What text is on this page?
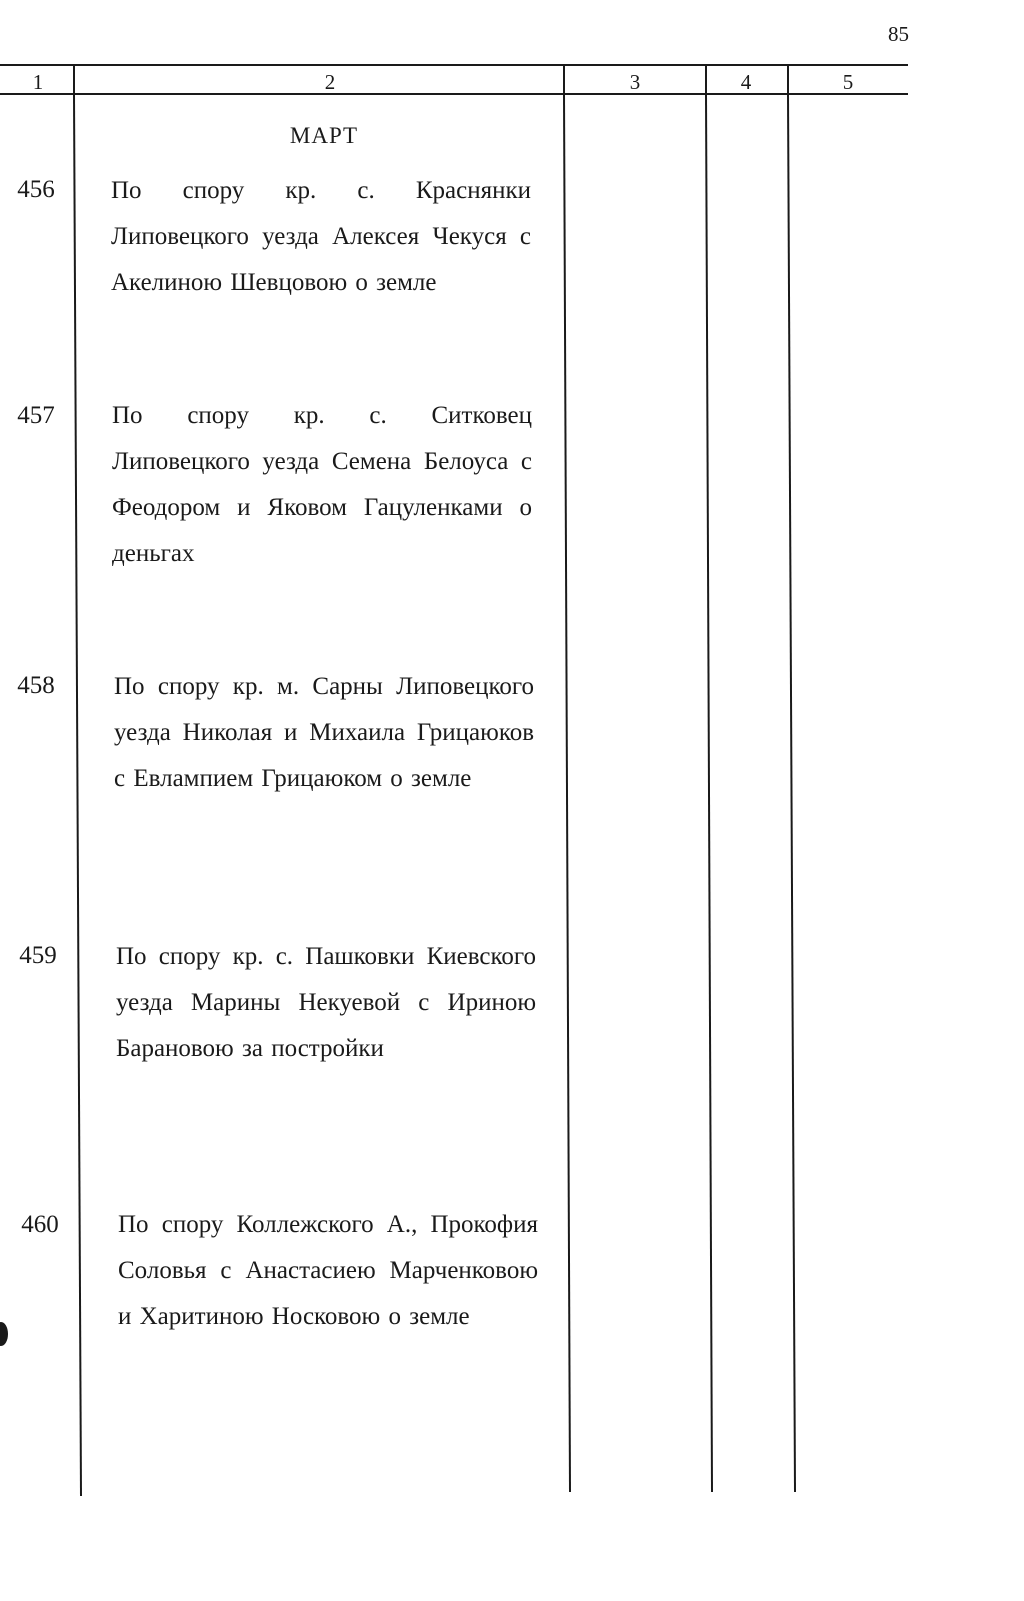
85
1	2	3	4	5
МАРТ
456	По спору кр. с. Краснянки Липовецкого уезда Алексея Чекуся с Акелиною Шевцовою о земле
457	По спору кр. с. Ситковец Липовецкого уезда Семена Белоуса с Феодором и Яковом Гацуленками о деньгах
458	По спору кр. м. Сарны Липовецкого уезда Николая и Михаила Грицаюков с Евлампием Грицаюком о земле
459	По спору кр. с. Пашковки Киевского уезда Марины Некуевой с Ириною Барановою за постройки
460	По спору Коллежского А., Прокофия Соловья с Анастасиею Марченковою и Харитиною Носковою о земле
